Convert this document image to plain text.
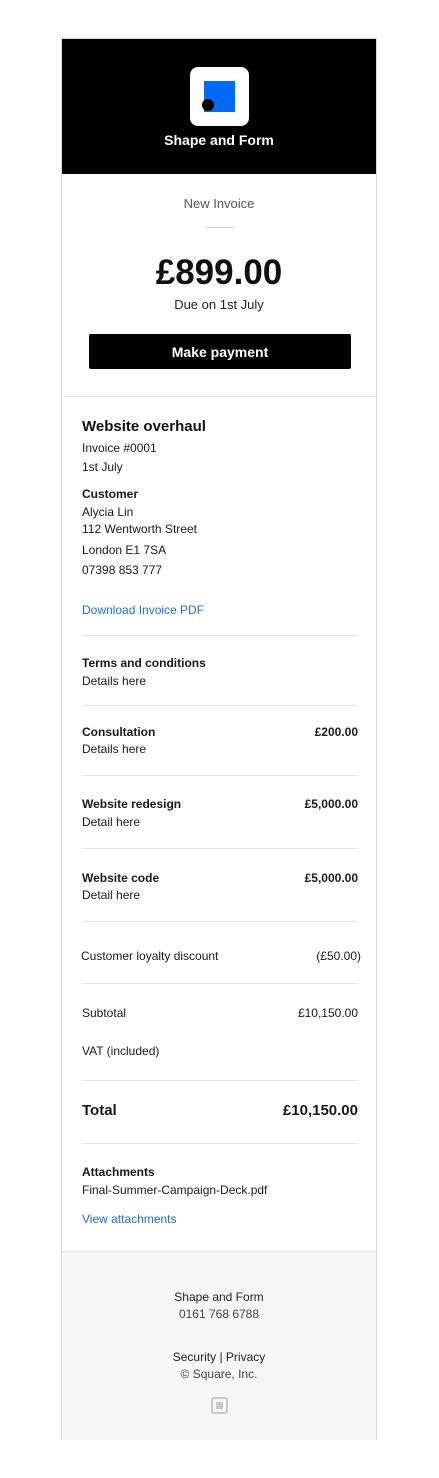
Shape and Form
New Invoice
£899.00
Due on 1st July
Make payment
Website overhaul
Invoice #0001
1st July
Customer
Alycia Lin
112 Wentworth Street
London E1 7SA
07398 853 777
Download Invoice PDF
Terms and conditions
Details here
Consultation	£200.00
Details here
Website redesign	£5,000.00
Detail here
Website code	£5,000.00
Detail here
Customer loyalty discount	(£50.00)
Subtotal	£10,150.00
VAT (included)
Total	£10,150.00
Attachments
Final-Summer-Campaign-Deck.pdf
View attachments
Shape and Form
0161 768 6788
Security | Privacy
© Square, Inc.
